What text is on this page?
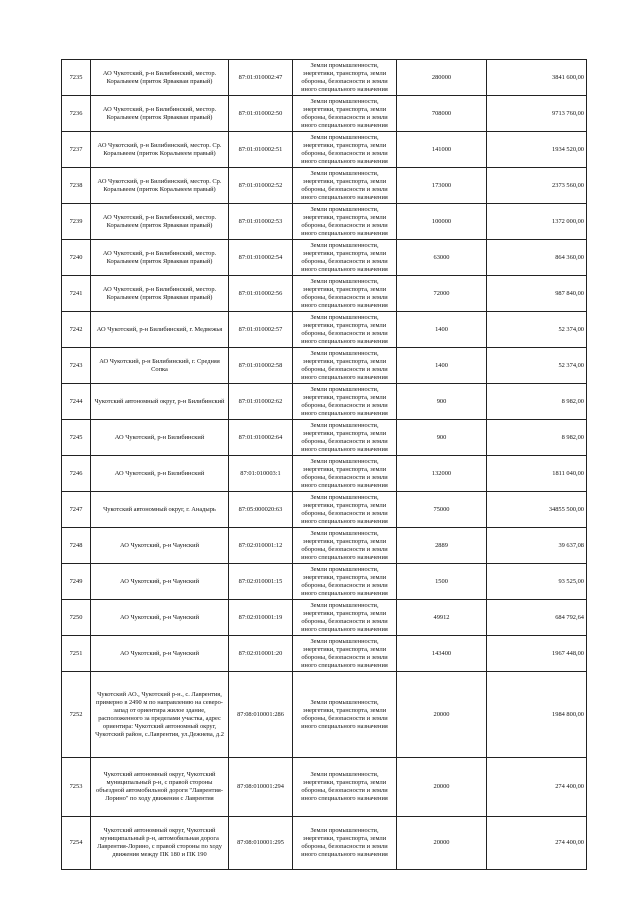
7235	АО Чукотский, р-н Билибинский, местор. Коральвеем (приток Ярвакваи правый)	87:01:010002:47	Земли промышленности, энергетики, транспорта, земли обороны, безопасности и земли иного специального назначения	280000	3841 600,00
7236	АО Чукотский, р-н Билибинский, местор. Коральвеем (приток Ярвакваи правый)	87:01:010002:50	Земли промышленности, энергетики, транспорта, земли обороны, безопасности и земли иного специального назначения	708000	9713 760,00
7237	АО Чукотский, р-н Билибинский, местор. Ср. Коральвеем (приток Коральвеем правый)	87:01:010002:51	Земли промышленности, энергетики, транспорта, земли обороны, безопасности и земли иного специального назначения	141000	1934 520,00
7238	АО Чукотский, р-н Билибинский, местор. Ср. Коральвеем (приток Коральвеем правый)	87:01:010002:52	Земли промышленности, энергетики, транспорта, земли обороны, безопасности и земли иного специального назначения	173000	2373 560,00
7239	АО Чукотский, р-н Билибинский, местор. Коральвеем (приток Ярвакваи правый)	87:01:010002:53	Земли промышленности, энергетики, транспорта, земли обороны, безопасности и земли иного специального назначения	100000	1372 000,00
7240	АО Чукотский, р-н Билибинский, местор. Коральвеем (приток Ярвакваи правый)	87:01:010002:54	Земли промышленности, энергетики, транспорта, земли обороны, безопасности и земли иного специального назначения	63000	864 360,00
7241	АО Чукотский, р-н Билибинский, местор. Коральвеем (приток Ярвакваи правый)	87:01:010002:56	Земли промышленности, энергетики, транспорта, земли обороны, безопасности и земли иного специального назначения	72000	987 840,00
7242	АО Чукотский, р-н Билибинский, г. Медвежья	87:01:010002:57	Земли промышленности, энергетики, транспорта, земли обороны, безопасности и земли иного специального назначения	1400	52 374,00
7243	АО Чукотский, р-н Билибинский, г. Средняя Сопка	87:01:010002:58	Земли промышленности, энергетики, транспорта, земли обороны, безопасности и земли иного специального назначения	1400	52 374,00
7244	Чукотский автономный округ, р-н Билибинский	87:01:010002:62	Земли промышленности, энергетики, транспорта, земли обороны, безопасности и земли иного специального назначения	900	8 982,00
7245	АО Чукотский, р-н Билибинский	87:01:010002:64	Земли промышленности, энергетики, транспорта, земли обороны, безопасности и земли иного специального назначения	900	8 982,00
7246	АО Чукотский, р-н Билибинский	87:01:010003:1	Земли промышленности, энергетики, транспорта, земли обороны, безопасности и земли иного специального назначения	132000	1811 040,00
7247	Чукотский автономный округ, г. Анадырь	87:05:000020:63	Земли промышленности, энергетики, транспорта, земли обороны, безопасности и земли иного специального назначения	75000	34855 500,00
7248	АО Чукотский, р-н Чаунский	87:02:010001:12	Земли промышленности, энергетики, транспорта, земли обороны, безопасности и земли иного специального назначения	2889	39 637,08
7249	АО Чукотский, р-н Чаунский	87:02:010001:15	Земли промышленности, энергетики, транспорта, земли обороны, безопасности и земли иного специального назначения	1500	93 525,00
7250	АО Чукотский, р-н Чаунский	87:02:010001:19	Земли промышленности, энергетики, транспорта, земли обороны, безопасности и земли иного специального назначения	49912	684 792,64
7251	АО Чукотский, р-н Чаунский	87:02:010001:20	Земли промышленности, энергетики, транспорта, земли обороны, безопасности и земли иного специального назначения	143400	1967 448,00
7252	Чукотский АО., Чукотский р-н., с. Лаврентия, примерно в 2490 м по направлению на северо-запад от ориентира жилое здание, расположенного за пределами участка, адрес ориентира: Чукотский автономный округ, Чукотский район, с.Лаврентия, ул.Дежнева, д.2	87:08:010001:286	Земли промышленности, энергетики, транспорта, земли обороны, безопасности и земли иного специального назначения	20000	1984 800,00
7253	Чукотский автономный округ, Чукотский муниципальный р-н, с правой стороны объездной автомобильной дороги "Лаврентия-Лорино" по ходу движения с Лаврентия	87:08:010001:294	Земли промышленности, энергетики, транспорта, земли обороны, безопасности и земли иного специального назначения	20000	274 400,00
7254	Чукотский автономный округ, Чукотский муниципальный р-н, автомобильная дорога Лаврентия-Лорино, с правой стороны по ходу движения между ПК 180 и ПК 190	87:08:010001:295	Земли промышленности, энергетики, транспорта, земли обороны, безопасности и земли иного специального назначения	20000	274 400,00
